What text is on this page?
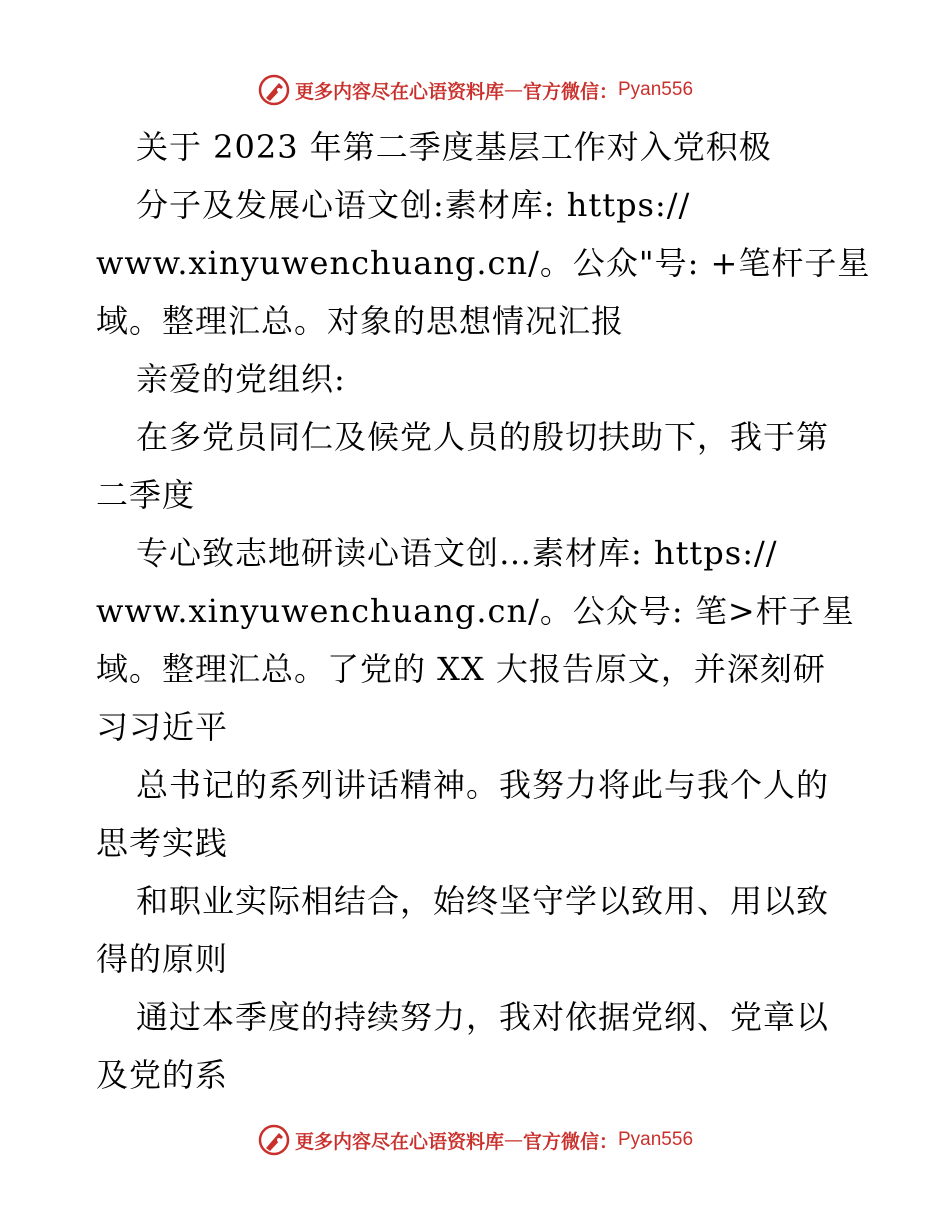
更多内容尽在心语资料库 — 官方微信： Pyan556
关于 2023 年第二季度基层工作对入党积极
分子及发展心语文创:素材库: https://
www.xinyuwenchuang.cn/。公众"号: +笔杆子星
域。整理汇总。对象的思想情况汇报
亲爱的党组织:
在多党员同仁及候党人员的殷切扶助下，我于第
二季度
专心致志地研读心语文创…素材库: https://
www.xinyuwenchuang.cn/。公众号: 笔>杆子星
域。整理汇总。了党的 XX 大报告原文，并深刻研
习习近平
总书记的系列讲话精神。我努力将此与我个人的
思考实践
和职业实际相结合，始终坚守学以致用、用以致
得的原则
通过本季度的持续努力，我对依据党纲、党章以
及党的系
更多内容尽在心语资料库 — 官方微信： Pyan556
